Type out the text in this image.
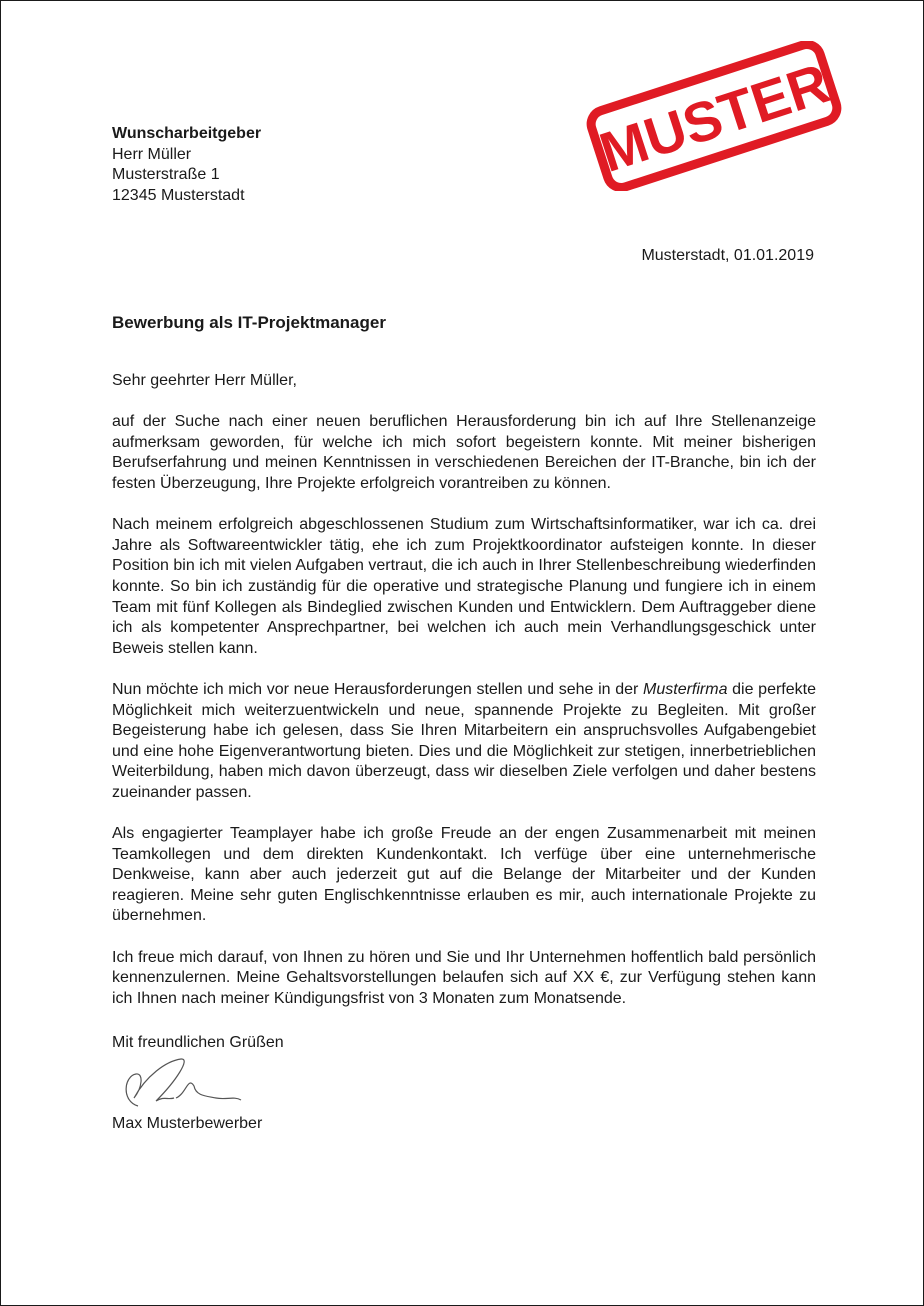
MUSTER
Wunscharbeitgeber
Herr Müller
Musterstraße 1
12345 Musterstadt
Musterstadt, 01.01.2019
Bewerbung als IT-Projektmanager

Sehr geehrter Herr Müller,

auf der Suche nach einer neuen beruflichen Herausforderung bin ich auf Ihre Stellenanzeige aufmerksam geworden, für welche ich mich sofort begeistern konnte. Mit meiner bisherigen Berufserfahrung und meinen Kenntnissen in verschiedenen Bereichen der IT-Branche, bin ich der festen Überzeugung, Ihre Projekte erfolgreich vorantreiben zu können.

Nach meinem erfolgreich abgeschlossenen Studium zum Wirtschaftsinformatiker, war ich ca. drei Jahre als Softwareentwickler tätig, ehe ich zum Projektkoordinator aufsteigen konnte. In dieser Position bin ich mit vielen Aufgaben vertraut, die ich auch in Ihrer Stellenbeschreibung wiederfinden konnte. So bin ich zuständig für die operative und strategische Planung und fungiere ich in einem Team mit fünf Kollegen als Bindeglied zwischen Kunden und Entwicklern. Dem Auftraggeber diene ich als kompetenter Ansprechpartner, bei welchen ich auch mein Verhandlungsgeschick unter Beweis stellen kann.

Nun möchte ich mich vor neue Herausforderungen stellen und sehe in der Musterfirma die perfekte Möglichkeit mich weiterzuentwickeln und neue, spannende Projekte zu Begleiten. Mit großer Begeisterung habe ich gelesen, dass Sie Ihren Mitarbeitern ein anspruchsvolles Aufgabengebiet und eine hohe Eigenverantwortung bieten. Dies und die Möglichkeit zur stetigen, innerbetrieblichen Weiterbildung, haben mich davon überzeugt, dass wir dieselben Ziele verfolgen und daher bestens zueinander passen.

Als engagierter Teamplayer habe ich große Freude an der engen Zusammenarbeit mit meinen Teamkollegen und dem direkten Kundenkontakt. Ich verfüge über eine unternehmerische Denkweise, kann aber auch jederzeit gut auf die Belange der Mitarbeiter und der Kunden reagieren. Meine sehr guten Englischkenntnisse erlauben es mir, auch internationale Projekte zu übernehmen.

Ich freue mich darauf, von Ihnen zu hören und Sie und Ihr Unternehmen hoffentlich bald persönlich kennenzulernen. Meine Gehaltsvorstellungen belaufen sich auf XX €, zur Verfügung stehen kann ich Ihnen nach meiner Kündigungsfrist von 3 Monaten zum Monatsende.

Mit freundlichen Grüßen
Max Musterbewerber
